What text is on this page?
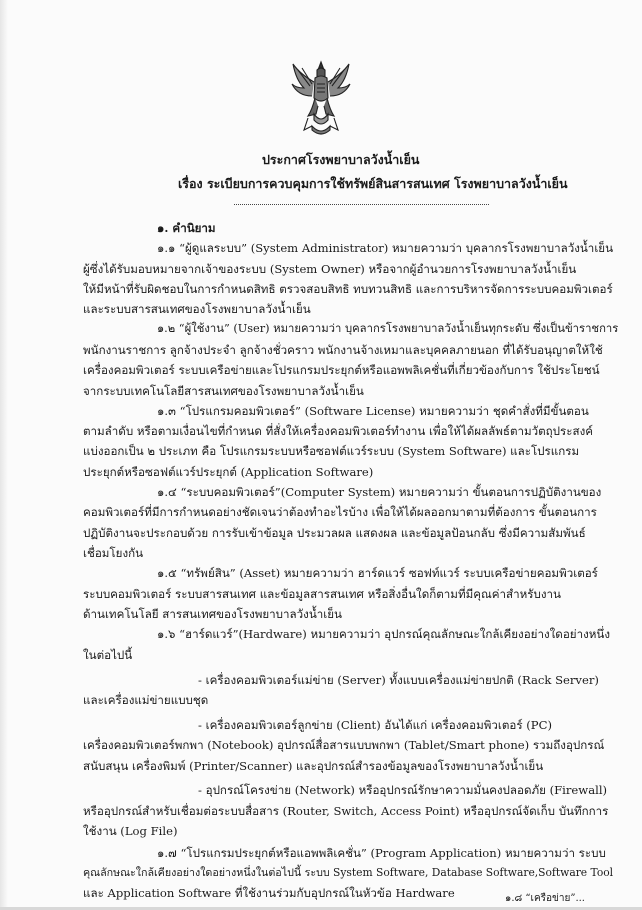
ประกาศโรงพยาบาลวังน้ำเย็น
เรื่อง ระเบียบการควบคุมการใช้ทรัพย์สินสารสนเทศ โรงพยาบาลวังน้ำเย็น
๑. คำนิยาม
๑.๑ “ผู้ดูแลระบบ” (System Administrator) หมายความว่า บุคลากรโรงพยาบาลวังน้ำเย็น
ผู้ซึ่งได้รับมอบหมายจากเจ้าของระบบ (System Owner) หรือจากผู้อำนวยการโรงพยาบาลวังน้ำเย็น
ให้มีหน้าที่รับผิดชอบในการกำหนดสิทธิ ตรวจสอบสิทธิ ทบทวนสิทธิ และการบริหารจัดการระบบคอมพิวเตอร์
และระบบสารสนเทศของโรงพยาบาลวังน้ำเย็น
๑.๒ “ผู้ใช้งาน” (User) หมายความว่า บุคลากรโรงพยาบาลวังน้ำเย็นทุกระดับ ซึ่งเป็นข้าราชการ
พนักงานราชการ ลูกจ้างประจำ ลูกจ้างชั่วคราว พนักงานจ้างเหมาและบุคคลภายนอก ที่ได้รับอนุญาตให้ใช้
เครื่องคอมพิวเตอร์ ระบบเครือข่ายและโปรแกรมประยุกต์หรือแอพพลิเคชั่นที่เกี่ยวข้องกับการ ใช้ประโยชน์
จากระบบเทคโนโลยีสารสนเทศของโรงพยาบาลวังน้ำเย็น
๑.๓ “โปรแกรมคอมพิวเตอร์” (Software License) หมายความว่า ชุดคำสั่งที่มีขั้นตอน
ตามลำดับ หรือตามเงื่อนไขที่กำหนด ที่สั่งให้เครื่องคอมพิวเตอร์ทำงาน เพื่อให้ได้ผลลัพธ์ตามวัตถุประสงค์
แบ่งออกเป็น ๒ ประเภท คือ โปรแกรมระบบหรือซอฟต์แวร์ระบบ (System Software) และโปรแกรม
ประยุกต์หรือซอฟต์แวร์ประยุกต์ (Application Software)
๑.๔ “ระบบคอมพิวเตอร์”(Computer System) หมายความว่า ขั้นตอนการปฏิบัติงานของ
คอมพิวเตอร์ที่มีการกำหนดอย่างชัดเจนว่าต้องทำอะไรบ้าง เพื่อให้ได้ผลออกมาตามที่ต้องการ ขั้นตอนการ
ปฏิบัติงานจะประกอบด้วย การรับเข้าข้อมูล ประมวลผล แสดงผล และข้อมูลป้อนกลับ ซึ่งมีความสัมพันธ์
เชื่อมโยงกัน
๑.๕ “ทรัพย์สิน” (Asset) หมายความว่า ฮาร์ดแวร์ ซอฟท์แวร์ ระบบเครือข่ายคอมพิวเตอร์
ระบบคอมพิวเตอร์ ระบบสารสนเทศ และข้อมูลสารสนเทศ หรือสิ่งอื่นใดก็ตามที่มีคุณค่าสำหรับงาน
ด้านเทคโนโลยี สารสนเทศของโรงพยาบาลวังน้ำเย็น
๑.๖ “ฮาร์ดแวร์”(Hardware) หมายความว่า อุปกรณ์คุณลักษณะใกล้เคียงอย่างใดอย่างหนึ่ง
ในต่อไปนี้
- เครื่องคอมพิวเตอร์แม่ข่าย (Server) ทั้งแบบเครื่องแม่ข่ายปกติ (Rack Server)
และเครื่องแม่ข่ายแบบชุด
- เครื่องคอมพิวเตอร์ลูกข่าย (Client) อันได้แก่ เครื่องคอมพิวเตอร์ (PC)
เครื่องคอมพิวเตอร์พกพา (Notebook) อุปกรณ์สื่อสารแบบพกพา (Tablet/Smart phone) รวมถึงอุปกรณ์
สนับสนุน เครื่องพิมพ์ (Printer/Scanner) และอุปกรณ์สำรองข้อมูลของโรงพยาบาลวังน้ำเย็น
- อุปกรณ์โครงข่าย (Network) หรืออุปกรณ์รักษาความมั่นคงปลอดภัย (Firewall)
หรืออุปกรณ์สำหรับเชื่อมต่อระบบสื่อสาร (Router, Switch, Access Point) หรืออุปกรณ์จัดเก็บ บันทึกการ
ใช้งาน (Log File)
๑.๗ “โปรแกรมประยุกต์หรือแอพพลิเคชั่น” (Program Application) หมายความว่า ระบบ
คุณลักษณะใกล้เคียงอย่างใดอย่างหนึ่งในต่อไปนี้ ระบบ System Software, Database Software,Software Tool
และ Application Software ที่ใช้งานร่วมกับอุปกรณ์ในหัวข้อ Hardware	๑.๘ “เครือข่าย”...
